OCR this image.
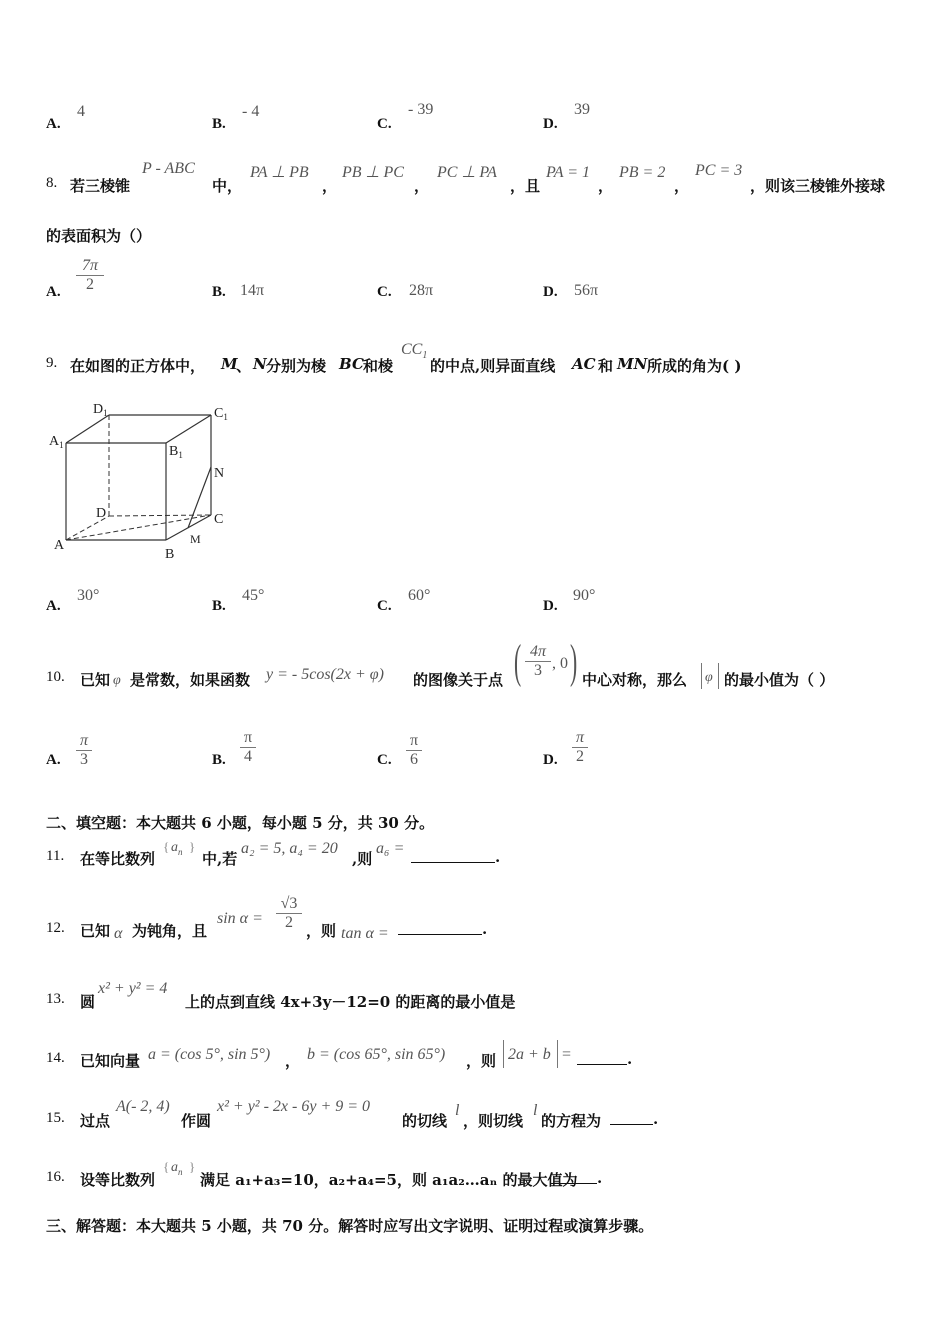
A.
4
B.
- 4
C.
- 39
D.
39
8. 若三棱锥
P - ABC
中，
PA ⊥ PB
，
PB ⊥ PC
，
PC ⊥ PA
，且
PA = 1
，
PB = 2
，
PC = 3
，则该三棱锥外接球
的表面积为（）
A. $\frac{7\pi}{2}$	B. 14π	C. 28π	D. 56π
9. 在如图的正方体中， M
、 N 分别为棱 BC 和棱
$CC_1$
的中点,则异面直线 AC 和 MN 所成的角为( )
$A_1$
$D_1$	$C_1$
$B_1$
N
D	C
A
B
M
A.
30°
B.
45°
C.
60°
D.
90°
10. 已知 φ 是常数，如果函数 y = - 5cos(2x + φ) 的图像关于点 ( $\frac{4\pi}{3}$ , 0 ) 中心对称，那么 φ 的最小值为（ ）
A. $\frac{\pi}{3}$	B. $\frac{\pi}{4}$	C. $\frac{\pi}{6}$	D. $\frac{\pi}{2}$
二、填空题：本大题共 6 小题，每小题 5 分，共 30 分。
11. 在等比数列
{ $a_n$ }
中,若
a₂ = 5, a₄ = 20
,则
a₆ =	.
12. 已知 α 为钝角，且
$\sin \alpha = \frac{√3}{2}$ ，则 tan α =	.
13. 圆
x² + y² = 4
上的点到直线 4x+3y－12=0 的距离的最小值是
14. 已知向量 a = (cos 5°, sin 5°) ， b = (cos 65°, sin 65°) ，则 2a + b =	.
15. 过点
A(- 2, 4)
作圆
x² + y² - 2x - 6y + 9 = 0
的切线
l
，则切线
l
的方程为	.
16. 设等比数列
{ $a_n$ }
满足 a₁+a₃=10，a₂+a₄=5，则 a₁a₂…aₙ 的最大值为 .
三、解答题：本大题共 5 小题，共 70 分。解答时应写出文字说明、证明过程或演算步骤。
